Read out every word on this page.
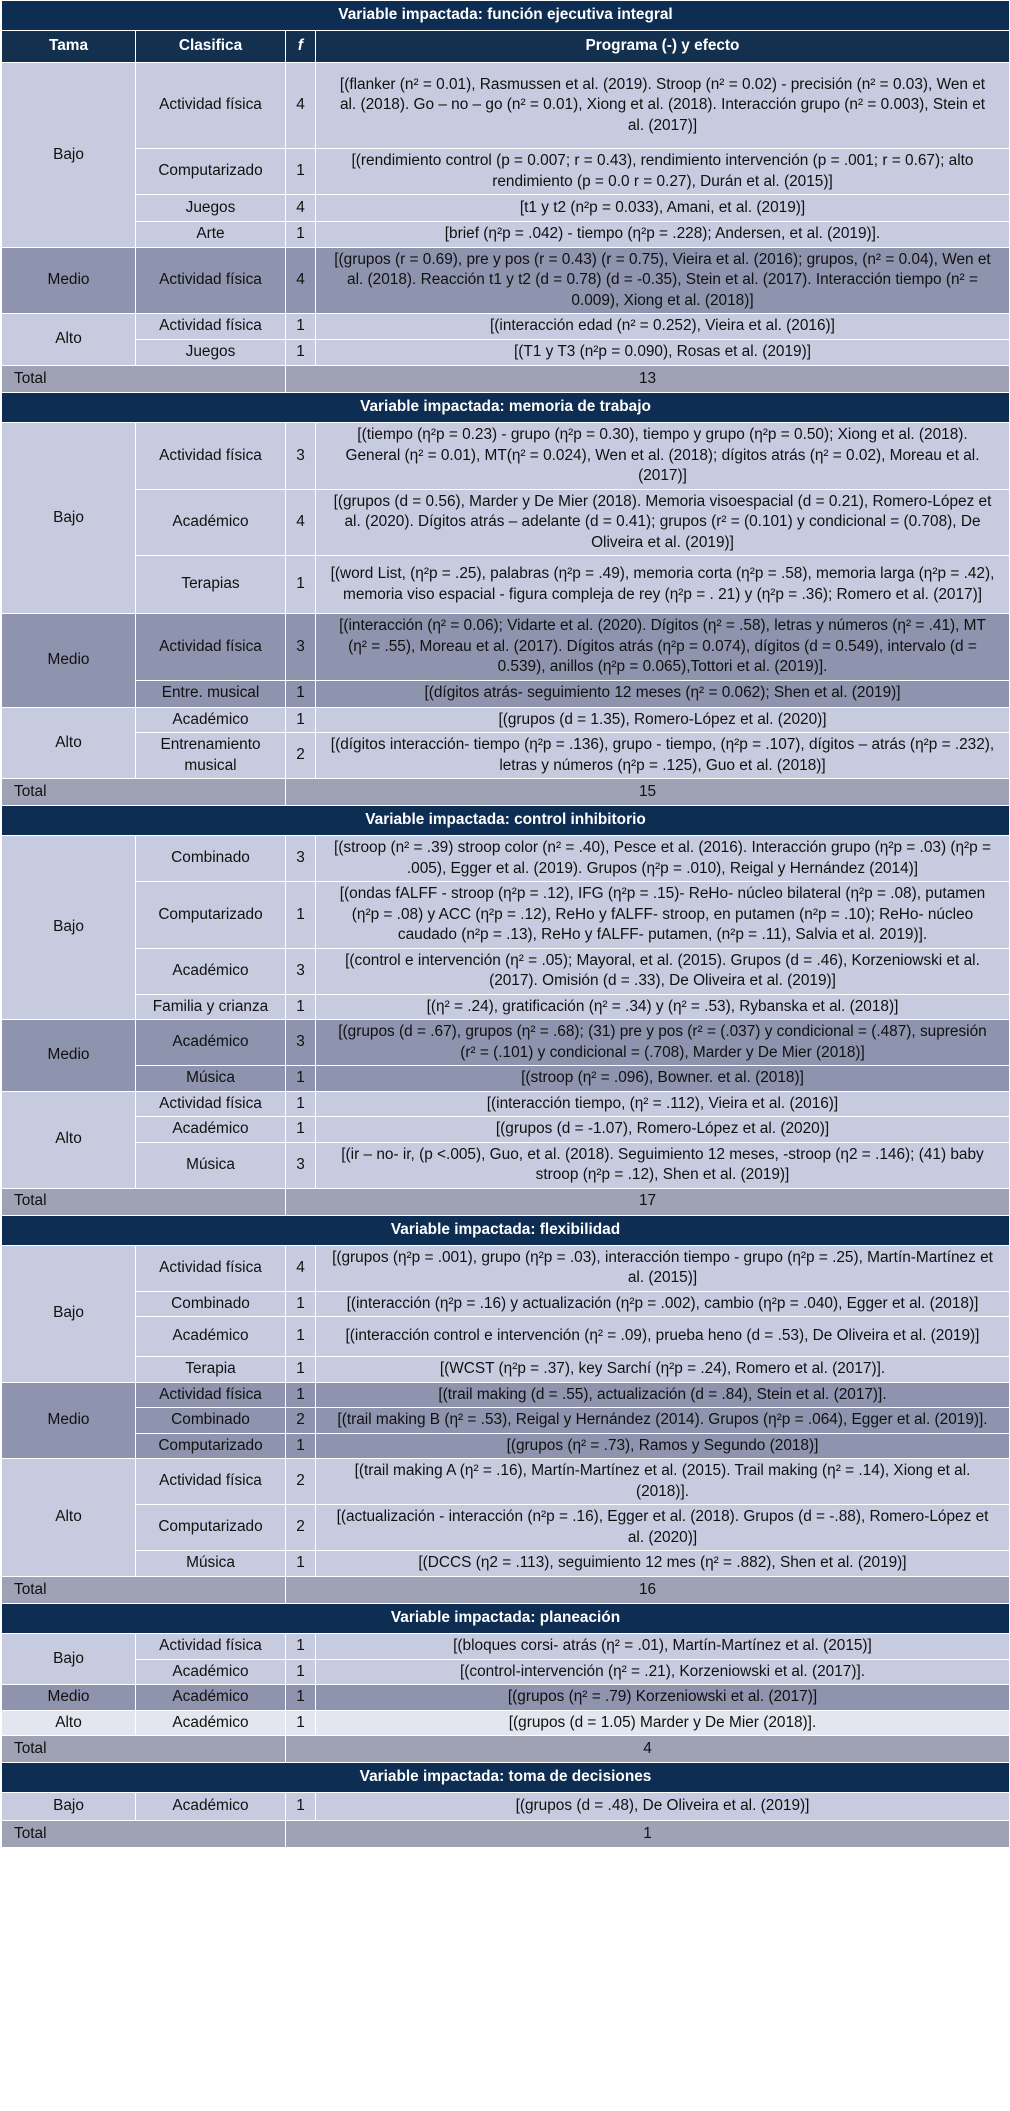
Variable impactada: función ejecutiva integral			
Tama	Clasifica	f	Programa (-) y efecto
Bajo	Actividad física	4	[(flanker (n² = 0.01), Rasmussen et al. (2019). Stroop (n² = 0.02) - precisión (n² = 0.03), Wen et al. (2018). Go – no – go (n² = 0.01), Xiong et al. (2018). Interacción grupo (n² = 0.003), Stein et al. (2017)]
	Computarizado	1	[(rendimiento control (p = 0.007; r = 0.43), rendimiento intervención (p = .001; r = 0.67); alto rendimiento (p = 0.0 r = 0.27), Durán et al. (2015)]
	Juegos	4	[t1 y t2 (n²p = 0.033), Amani, et al. (2019)]
	Arte	1	[brief (η²p = .042) - tiempo (η²p = .228); Andersen, et al. (2019)].
Medio	Actividad física	4	[(grupos (r = 0.69), pre y pos (r = 0.43) (r = 0.75), Vieira et al. (2016); grupos, (n² = 0.04), Wen et al. (2018). Reacción t1 y t2 (d = 0.78) (d = -0.35), Stein et al. (2017). Interacción tiempo (n² = 0.009), Xiong et al. (2018)]
Alto	Actividad física	1	[(interacción edad (n² = 0.252), Vieira et al. (2016)]
	Juegos	1	[(T1 y T3 (n²p = 0.090), Rosas et al. (2019)]
Total		13	
Variable impactada: memoria de trabajo			
Bajo	Actividad física	3	[(tiempo (η²p = 0.23) - grupo (η²p = 0.30), tiempo y grupo (η²p = 0.50); Xiong et al. (2018). General (η² = 0.01), MT(η² = 0.024), Wen et al. (2018); dígitos atrás (η² = 0.02), Moreau et al. (2017)]
	Académico	4	[(grupos (d = 0.56), Marder y De Mier (2018). Memoria visoespacial (d = 0.21), Romero-López et al. (2020). Dígitos atrás – adelante (d = 0.41); grupos (r² = (0.101) y condicional = (0.708), De Oliveira et al. (2019)]
	Terapias	1	[(word List, (η²p = .25), palabras (η²p = .49), memoria corta (η²p = .58), memoria larga (η²p = .42), memoria viso espacial - figura compleja de rey (η²p = . 21) y (η²p = .36); Romero et al. (2017)]
Medio	Actividad física	3	[(interacción (η² = 0.06); Vidarte et al. (2020). Dígitos (η² = .58), letras y números (η² = .41), MT (η² = .55), Moreau et al. (2017). Dígitos atrás (η²p = 0.074), dígitos (d = 0.549), intervalo (d = 0.539), anillos (η²p = 0.065),Tottori et al. (2019)].
	Entre. musical	1	[(dígitos atrás- seguimiento 12 meses (η² = 0.062); Shen et al. (2019)]
Alto	Académico	1	[(grupos (d = 1.35), Romero-López et al. (2020)]
	Entrenamiento musical	2	[(dígitos interacción- tiempo (η²p = .136), grupo - tiempo, (η²p = .107), dígitos – atrás (η²p = .232), letras y números (η²p = .125), Guo et al. (2018)]
Total		15	
Variable impactada: control inhibitorio			
Bajo	Combinado	3	[(stroop (n² = .39) stroop color (n² = .40), Pesce et al. (2016). Interacción grupo (η²p = .03) (η²p = .005), Egger et al. (2019). Grupos (η²p = .010), Reigal y Hernández (2014)]
	Computarizado	1	[(ondas fALFF - stroop (η²p = .12), IFG (η²p = .15)- ReHo- núcleo bilateral (η²p = .08), putamen (η²p = .08) y ACC (η²p = .12), ReHo y fALFF- stroop, en putamen (n²p = .10); ReHo- núcleo caudado (n²p = .13), ReHo y fALFF- putamen, (n²p = .11), Salvia et al. 2019)].
	Académico	3	[(control e intervención (η² = .05); Mayoral, et al. (2015). Grupos (d = .46), Korzeniowski et al. (2017). Omisión (d = .33), De Oliveira et al. (2019)]
	Familia y crianza	1	[(η² = .24), gratificación (η² = .34) y (η² = .53), Rybanska et al. (2018)]
Medio	Académico	3	[(grupos (d = .67), grupos (η² = .68); (31) pre y pos (r² = (.037) y condicional = (.487), supresión (r² = (.101) y condicional = (.708), Marder y De Mier (2018)]
	Música	1	[(stroop (η² = .096), Bowner. et al. (2018)]
Alto	Actividad física	1	[(interacción tiempo, (η² = .112), Vieira et al. (2016)]
	Académico	1	[(grupos (d = -1.07), Romero-López et al. (2020)]
	Música	3	[(ir – no- ir, (p <.005), Guo, et al. (2018). Seguimiento 12 meses, -stroop (η2 = .146); (41) baby stroop (η²p = .12), Shen et al. (2019)]
Total		17	
Variable impactada: flexibilidad			
Bajo	Actividad física	4	[(grupos (η²p = .001), grupo (η²p = .03), interacción tiempo - grupo (η²p = .25), Martín-Martínez et al. (2015)]
	Combinado	1	[(interacción (η²p = .16) y actualización (η²p = .002), cambio (η²p = .040), Egger et al. (2018)]
	Académico	1	[(interacción control e intervención (η² = .09), prueba heno (d = .53), De Oliveira et al. (2019)]
	Terapia	1	[(WCST (η²p = .37), key Sarchí (η²p = .24), Romero et al. (2017)].
Medio	Actividad física	1	[(trail making (d = .55), actualización (d = .84), Stein et al. (2017)].
	Combinado	2	[(trail making B (η² = .53), Reigal y Hernández (2014). Grupos (η²p = .064), Egger et al. (2019)].
	Computarizado	1	[(grupos (η² = .73), Ramos y Segundo (2018)]
Alto	Actividad física	2	[(trail making A (η² = .16), Martín-Martínez et al. (2015). Trail making (η² = .14), Xiong et al. (2018)].
	Computarizado	2	[(actualización - interacción (n²p = .16), Egger et al. (2018). Grupos (d = -.88), Romero-López et al. (2020)]
	Música	1	[(DCCS (η2 = .113), seguimiento 12 mes (η² = .882), Shen et al. (2019)]
Total		16	
Variable impactada: planeación			
Bajo	Actividad física	1	[(bloques corsi- atrás (η² = .01), Martín-Martínez et al. (2015)]
	Académico	1	[(control-intervención (η² = .21), Korzeniowski et al. (2017)].
Medio	Académico	1	[(grupos (η² = .79) Korzeniowski et al. (2017)]
Alto	Académico	1	[(grupos (d = 1.05) Marder y De Mier (2018)].
Total		4	
Variable impactada: toma de decisiones			
Bajo	Académico	1	[(grupos (d = .48), De Oliveira et al. (2019)]
Total		1	
